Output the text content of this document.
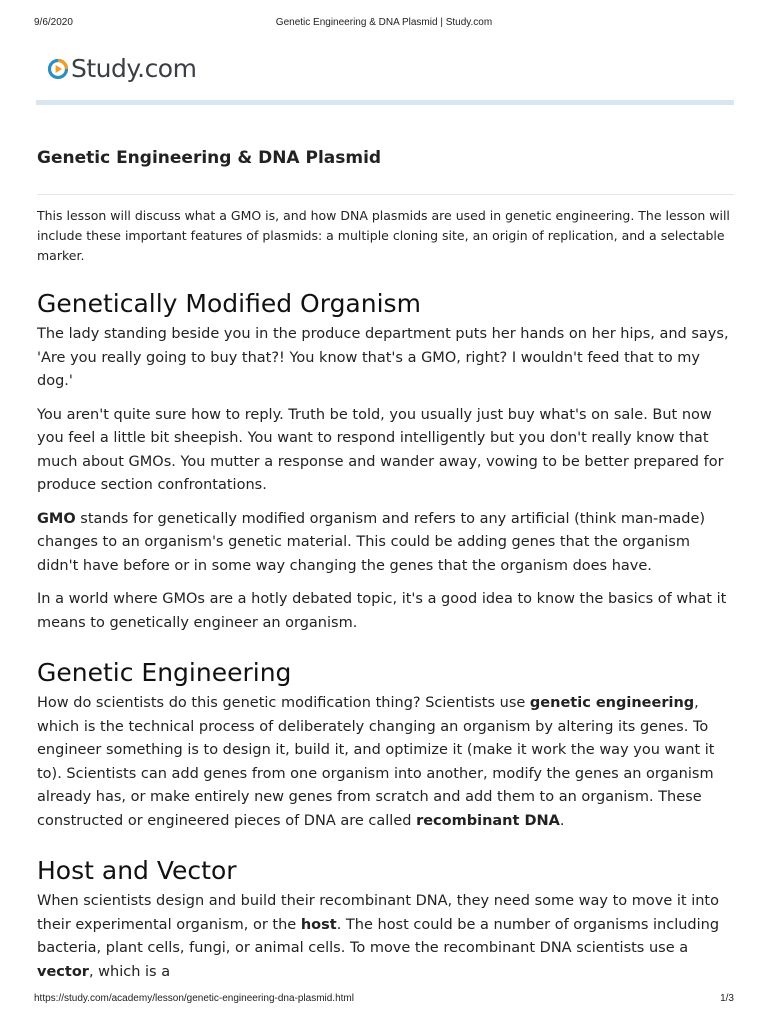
9/6/2020	Genetic Engineering & DNA Plasmid | Study.com
Study.com
Genetic Engineering & DNA Plasmid

This lesson will discuss what a GMO is, and how DNA plasmids are used in genetic engineering. The lesson will include these important features of plasmids: a multiple cloning site, an origin of replication, and a selectable marker.

Genetically Modified Organism

The lady standing beside you in the produce department puts her hands on her hips, and says, 'Are you really going to buy that?! You know that's a GMO, right? I wouldn't feed that to my dog.'

You aren't quite sure how to reply. Truth be told, you usually just buy what's on sale. But now you feel a little bit sheepish. You want to respond intelligently but you don't really know that much about GMOs. You mutter a response and wander away, vowing to be better prepared for produce section confrontations.

GMO stands for genetically modified organism and refers to any artificial (think man-made) changes to an organism's genetic material. This could be adding genes that the organism didn't have before or in some way changing the genes that the organism does have.

In a world where GMOs are a hotly debated topic, it's a good idea to know the basics of what it means to genetically engineer an organism.

Genetic Engineering

How do scientists do this genetic modification thing? Scientists use genetic engineering, which is the technical process of deliberately changing an organism by altering its genes. To engineer something is to design it, build it, and optimize it (make it work the way you want it to). Scientists can add genes from one organism into another, modify the genes an organism already has, or make entirely new genes from scratch and add them to an organism. These constructed or engineered pieces of DNA are called recombinant DNA.

Host and Vector

When scientists design and build their recombinant DNA, they need some way to move it into their experimental organism, or the host. The host could be a number of organisms including bacteria, plant cells, fungi, or animal cells. To move the recombinant DNA scientists use a vector, which is a

https://study.com/academy/lesson/genetic-engineering-dna-plasmid.html	1/3
